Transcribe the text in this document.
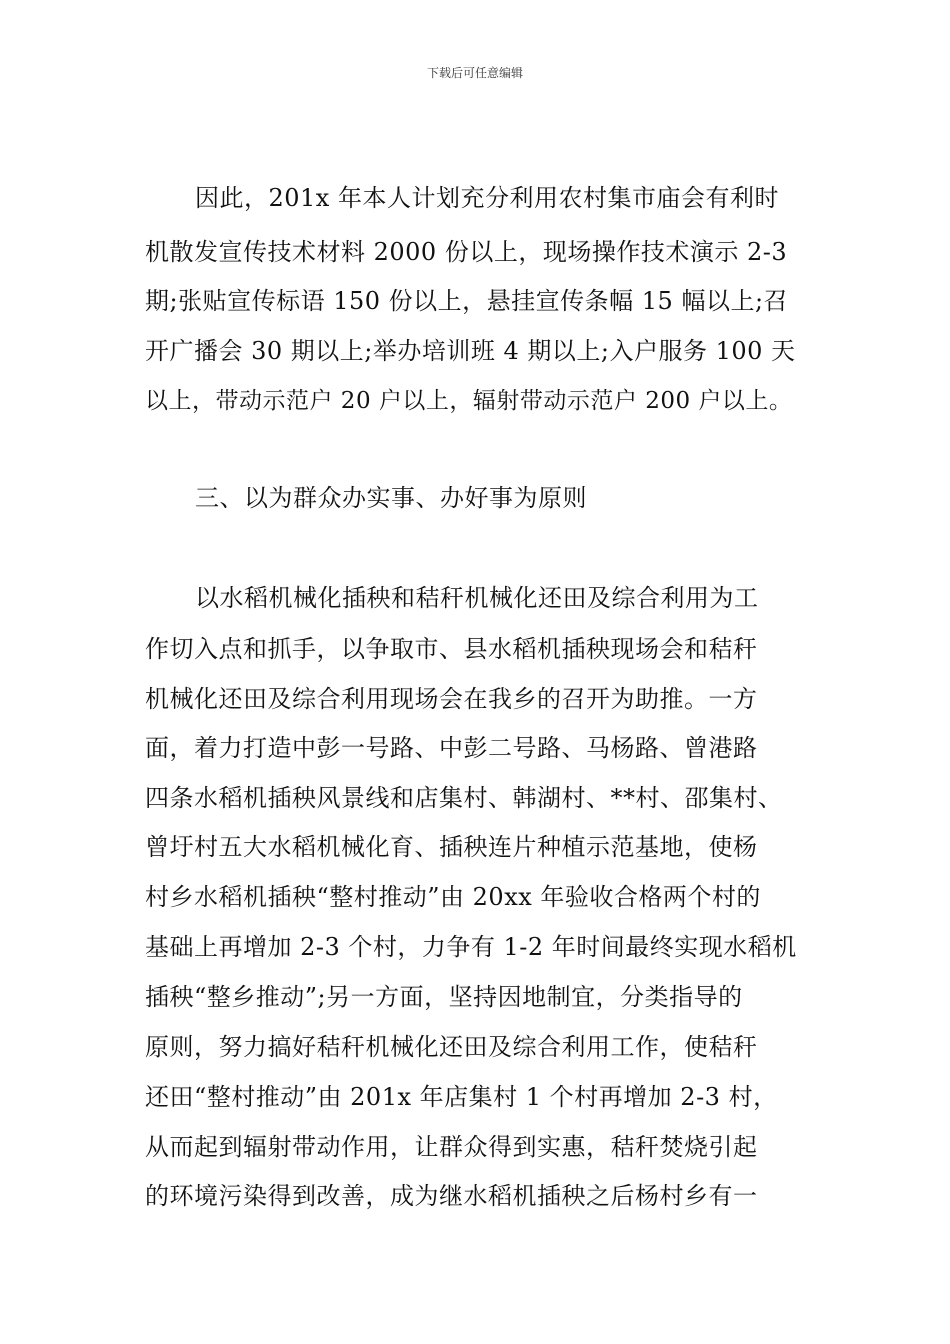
下载后可任意编辑
因此，201x 年本人计划充分利用农村集市庙会有利时
机散发宣传技术材料 2000 份以上，现场操作技术演示 2-3
期;张贴宣传标语 150 份以上，悬挂宣传条幅 15 幅以上;召
开广播会 30 期以上;举办培训班 4 期以上;入户服务 100 天
以上，带动示范户 20 户以上，辐射带动示范户 200 户以上。
三、以为群众办实事、办好事为原则
以水稻机械化插秧和秸秆机械化还田及综合利用为工
作切入点和抓手，以争取市、县水稻机插秧现场会和秸秆
机械化还田及综合利用现场会在我乡的召开为助推。一方
面，着力打造中彭一号路、中彭二号路、马杨路、曾港路
四条水稻机插秧风景线和店集村、韩湖村、**村、邵集村、
曾圩村五大水稻机械化育、插秧连片种植示范基地，使杨
村乡水稻机插秧“整村推动”由 20xx 年验收合格两个村的
基础上再增加 2-3 个村，力争有 1-2 年时间最终实现水稻机
插秧“整乡推动”;另一方面，坚持因地制宜，分类指导的
原则，努力搞好秸秆机械化还田及综合利用工作，使秸秆
还田“整村推动”由 201x 年店集村 1 个村再增加 2-3 村，
从而起到辐射带动作用，让群众得到实惠，秸秆焚烧引起
的环境污染得到改善，成为继水稻机插秧之后杨村乡有一
